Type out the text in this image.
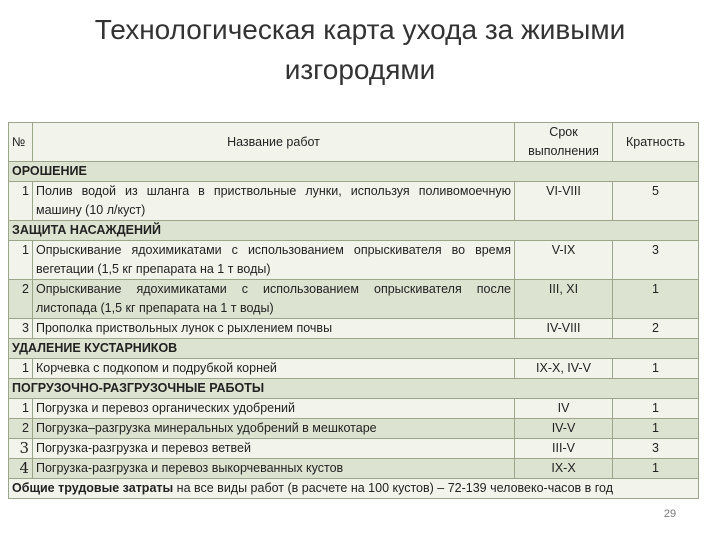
Технологическая карта ухода за живыми
изгородями
№	Название работ	Срок выполнения	Кратность
ОРОШЕНИЕ			
1	Полив водой из шланга в приствольные лунки, используя поливомоечную машину (10 л/куст)	VI-VIII	5
ЗАЩИТА НАСАЖДЕНИЙ			
1	Опрыскивание ядохимикатами с использованием опрыскивателя во время вегетации (1,5 кг препарата на 1 т воды)	V-IX	3
2	Опрыскивание ядохимикатами с использованием опрыскивателя после листопада (1,5 кг препарата на 1 т воды)	III, XI	1
3	Прополка приствольных лунок с рыхлением почвы	IV-VIII	2
УДАЛЕНИЕ КУСТАРНИКОВ			
1	Корчевка с подкопом и подрубкой корней	IX-X, IV-V	1
ПОГРУЗОЧНО-РАЗГРУЗОЧНЫЕ РАБОТЫ			
1	Погрузка и перевоз органических удобрений	IV	1
2	Погрузка–разгрузка минеральных удобрений в мешкотаре	IV-V	1
3	Погрузка-разгрузка и перевоз ветвей	III-V	3
4	Погрузка-разгрузка и перевоз выкорчеванных кустов	IX-X	1
Общие трудовые затраты на все виды работ (в расчете на 100 кустов) – 72-139 человеко-часов в год			
29
